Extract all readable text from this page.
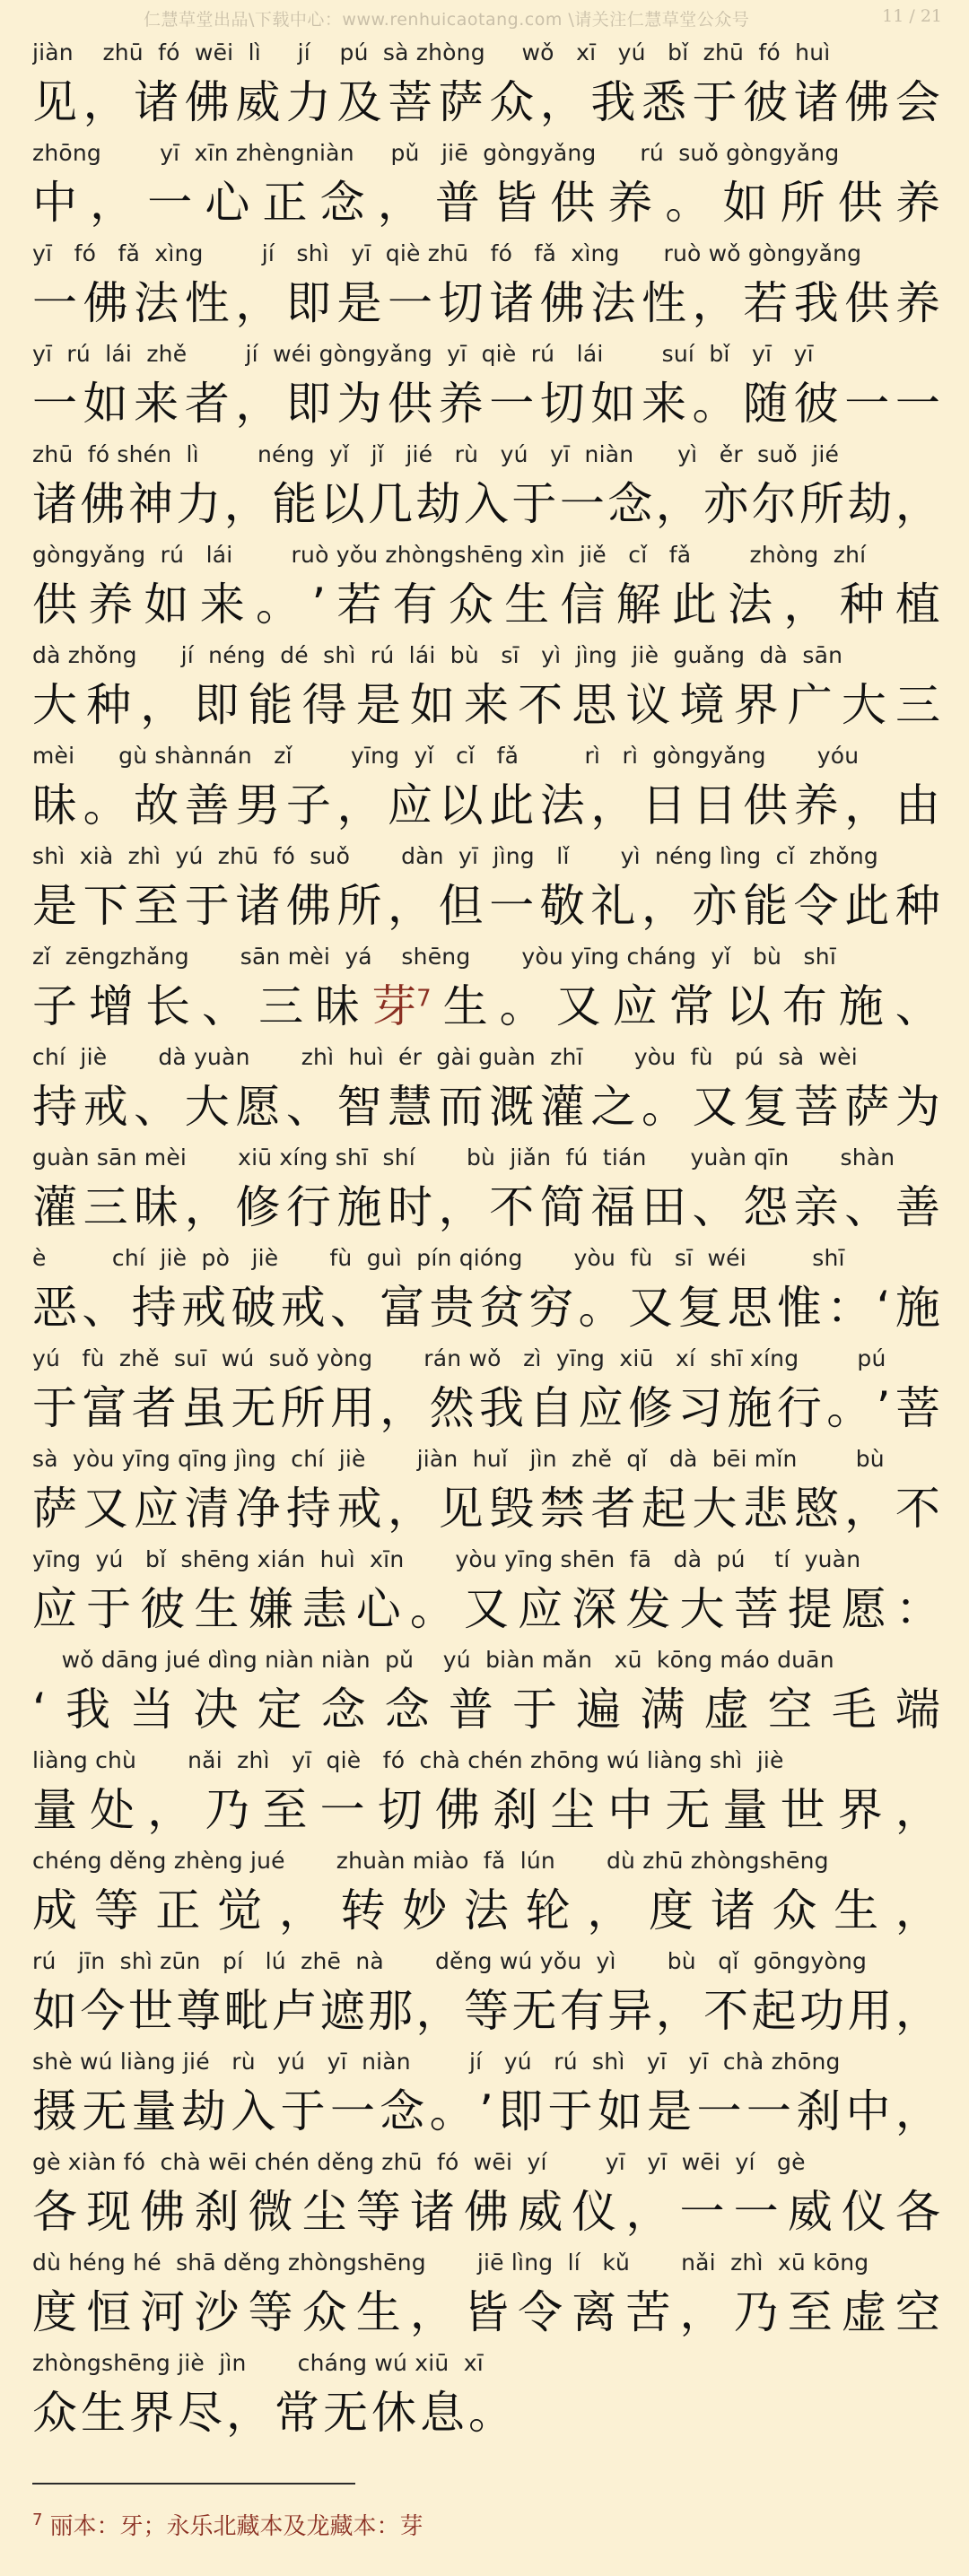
仁慧草堂出品\下载中心：www.renhuicaotang.com \请关注仁慧草堂公众号	11 / 21
jiàn    zhū  fó  wēi  lì     jí    pú  sà zhòng     wǒ   xī   yú   bǐ  zhū  fó  huì
见 ， 诸 佛 威 力 及 菩 萨 众 ， 我 悉 于 彼 诸 佛 会
zhōng        yī  xīn zhèngniàn     pǔ   jiē  gòngyǎng      rú  suǒ gòngyǎng
中 ， 一 心 正 念 ， 普 皆 供 养 。 如 所 供 养
yī   fó   fǎ  xìng        jí   shì   yī  qiè zhū   fó   fǎ  xìng      ruò wǒ gòngyǎng
一 佛 法 性 ， 即 是 一 切 诸 佛 法 性 ， 若 我 供 养
yī  rú  lái  zhě        jí  wéi gòngyǎng  yī  qiè  rú   lái        suí  bǐ   yī   yī
一 如 来 者 ， 即 为 供 养 一 切 如 来 。 随 彼 一 一
zhū  fó shén  lì        néng  yǐ   jǐ   jié   rù   yú   yī  niàn      yì   ěr  suǒ  jié
诸 佛 神 力 ， 能 以 几 劫 入 于 一 念 ， 亦 尔 所 劫 ，
gòngyǎng  rú   lái        ruò yǒu zhòngshēng xìn  jiě   cǐ   fǎ        zhòng  zhí
供 养 如 来 。 ’ 若 有 众 生 信 解 此 法 ， 种 植
dà zhǒng      jí  néng  dé  shì  rú  lái  bù   sī   yì  jìng  jiè  guǎng  dà  sān
大 种 ， 即 能 得 是 如 来 不 思 议 境 界 广 大 三
mèi      gù shànnán   zǐ        yīng  yǐ   cǐ   fǎ         rì   rì  gòngyǎng       yóu
昧 。 故 善 男 子 ， 应 以 此 法 ， 日 日 供 养 ， 由
shì  xià  zhì  yú  zhū  fó  suǒ       dàn  yī  jìng   lǐ       yì  néng lìng  cǐ  zhǒng
是 下 至 于 诸 佛 所 ， 但 一 敬 礼 ， 亦 能 令 此 种
zǐ  zēngzhǎng       sān mèi  yá    shēng       yòu yīng cháng  yǐ   bù   shī
子 增 长 、 三 昧 芽$^7$ 生 。 又 应 常 以 布 施 、
chí  jiè       dà yuàn       zhì  huì  ér  gài guàn  zhī       yòu  fù   pú  sà  wèi
持 戒 、 大 愿 、 智 慧 而 溉 灌 之 。 又 复 菩 萨 为
guàn sān mèi       xiū xíng shī  shí       bù  jiǎn  fú  tián      yuàn qīn       shàn
灌 三 昧 ， 修 行 施 时 ， 不 简 福 田 、 怨 亲 、 善
è         chí  jiè  pò   jiè       fù  guì  pín qióng       yòu  fù   sī  wéi         shī
恶 、 持 戒 破 戒 、 富 贵 贫 穷 。 又 复 思 惟 ： ‘ 施
yú   fù  zhě  suī  wú  suǒ yòng       rán wǒ   zì  yīng  xiū   xí  shī xíng        pú
于 富 者 虽 无 所 用 ， 然 我 自 应 修 习 施 行 。 ’ 菩
sà  yòu yīng qīng jìng  chí  jiè       jiàn  huǐ   jìn  zhě  qǐ   dà  bēi mǐn        bù
萨 又 应 清 净 持 戒 ， 见 毁 禁 者 起 大 悲 愍 ， 不
yīng  yú   bǐ  shēng xián  huì  xīn       yòu yīng shēn  fā   dà  pú    tí  yuàn
应 于 彼 生 嫌 恚 心 。 又 应 深 发 大 菩 提 愿 ：
wǒ dāng jué dìng niàn niàn  pǔ    yú  biàn mǎn   xū  kōng máo duān
‘ 我 当 决 定 念 念 普 于 遍 满 虚 空 毛 端
liàng chù       nǎi  zhì   yī  qiè   fó  chà chén zhōng wú liàng shì  jiè
量 处 ， 乃 至 一 切 佛 刹 尘 中 无 量 世 界 ，
chéng děng zhèng jué       zhuàn miào  fǎ  lún       dù zhū zhòngshēng
成 等 正 觉 ， 转 妙 法 轮 ， 度 诸 众 生 ，
rú   jīn  shì zūn   pí   lú  zhē  nà       děng wú yǒu  yì       bù   qǐ  gōngyòng
如 今 世 尊 毗 卢 遮 那 ， 等 无 有 异 ， 不 起 功 用 ，
shè wú liàng jié   rù   yú   yī  niàn        jí   yú   rú  shì   yī   yī  chà zhōng
摄 无 量 劫 入 于 一 念 。 ’ 即 于 如 是 一 一 刹 中 ，
gè xiàn fó  chà wēi chén děng zhū  fó  wēi  yí        yī   yī  wēi  yí   gè
各 现 佛 刹 微 尘 等 诸 佛 威 仪 ， 一 一 威 仪 各
dù héng hé  shā děng zhòngshēng       jiē lìng  lí   kǔ       nǎi  zhì  xū kōng
度 恒 河 沙 等 众 生 ， 皆 令 离 苦 ， 乃 至 虚 空
zhòngshēng jiè  jìn       cháng wú xiū  xī
众 生 界 尽 ， 常 无 休 息 。
$^7$ 丽本：牙；永乐北藏本及龙藏本：芽
